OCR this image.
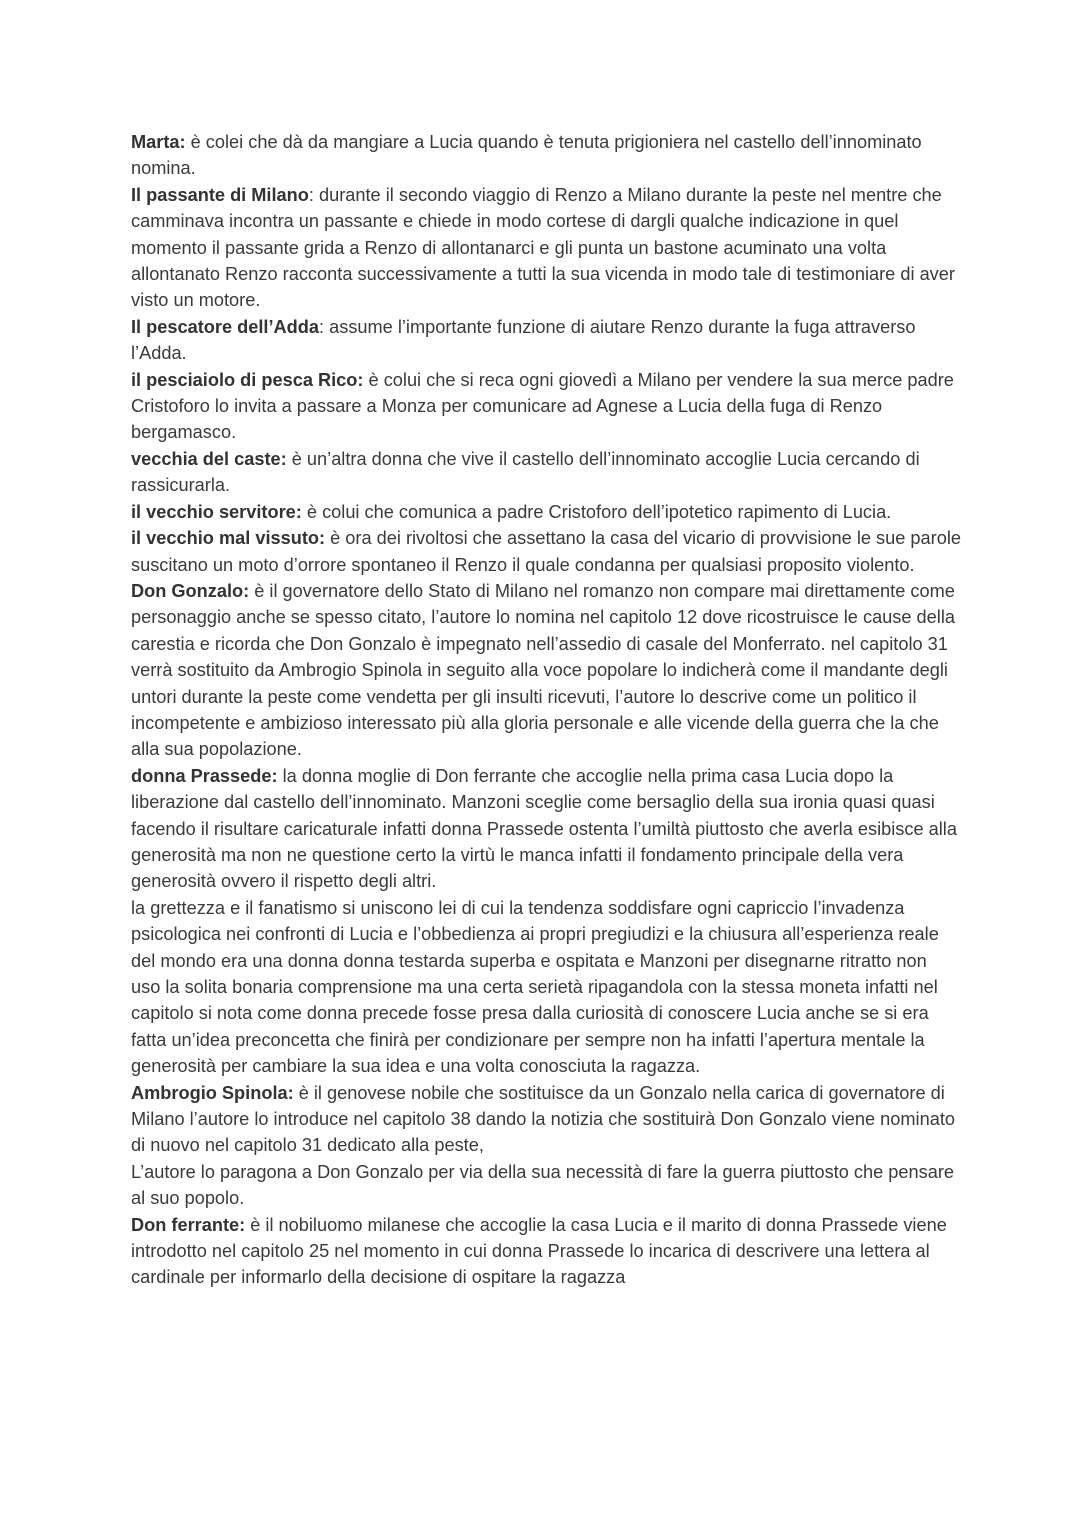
Marta: è colei che dà da mangiare a Lucia quando è tenuta prigioniera nel castello dell’innominato nomina.

Il passante di Milano: durante il secondo viaggio di Renzo a Milano durante la peste nel mentre che camminava incontra un passante e chiede in modo cortese di dargli qualche indicazione in quel momento il passante grida a Renzo di allontanarci e gli punta un bastone acuminato una volta allontanato Renzo racconta successivamente a tutti la sua vicenda in modo tale di testimoniare di aver visto un motore.

Il pescatore dell’Adda: assume l’importante funzione di aiutare Renzo durante la fuga attraverso l’Adda.

il pesciaiolo di pesca Rico: è colui che si reca ogni giovedì a Milano per vendere la sua merce padre Cristoforo lo invita a passare a Monza per comunicare ad Agnese a Lucia della fuga di Renzo bergamasco.

vecchia del caste: è un’altra donna che vive il castello dell’innominato accoglie Lucia cercando di rassicurarla.

il vecchio servitore: è colui che comunica a padre Cristoforo dell’ipotetico rapimento di Lucia.

il vecchio mal vissuto: è ora dei rivoltosi che assettano la casa del vicario di provvisione le sue parole suscitano un moto d’orrore spontaneo il Renzo il quale condanna per qualsiasi proposito violento.

Don Gonzalo: è il governatore dello Stato di Milano nel romanzo non compare mai direttamente come personaggio anche se spesso citato, l’autore lo nomina nel capitolo 12 dove ricostruisce le cause della carestia e ricorda che Don Gonzalo è impegnato nell’assedio di casale del Monferrato. nel capitolo 31 verrà sostituito da Ambrogio Spinola in seguito alla voce popolare lo indicherà come il mandante degli untori durante la peste come vendetta per gli insulti ricevuti, l’autore lo descrive come un politico il incompetente e ambizioso interessato più alla gloria personale e alle vicende della guerra che la che alla sua popolazione.

donna Prassede: la donna moglie di Don ferrante che accoglie nella prima casa Lucia dopo la liberazione dal castello dell’innominato. Manzoni sceglie come bersaglio della sua ironia quasi quasi facendo il risultare caricaturale infatti donna Prassede ostenta l’umiltà piuttosto che averla esibisce alla generosità ma non ne questione certo la virtù le manca infatti il fondamento principale della vera generosità ovvero il rispetto degli altri.

la grettezza e il fanatismo si uniscono lei di cui la tendenza soddisfare ogni capriccio l’invadenza psicologica nei confronti di Lucia e l’obbedienza ai propri pregiudizi e la chiusura all’esperienza reale del mondo era una donna donna testarda superba e ospitata e Manzoni per disegnarne ritratto non uso la solita bonaria comprensione ma una certa serietà ripagandola con la stessa moneta infatti nel capitolo si nota come donna precede fosse presa dalla curiosità di conoscere Lucia anche se si era fatta un’idea preconcetta che finirà per condizionare per sempre non ha infatti l’apertura mentale la generosità per cambiare la sua idea e una volta conosciuta la ragazza.

Ambrogio Spinola: è il genovese nobile che sostituisce da un Gonzalo nella carica di governatore di Milano l’autore lo introduce nel capitolo 38 dando la notizia che sostituirà Don Gonzalo viene nominato di nuovo nel capitolo 31 dedicato alla peste,

L’autore lo paragona a Don Gonzalo per via della sua necessità di fare la guerra piuttosto che pensare al suo popolo.

Don ferrante: è il nobiluomo milanese che accoglie la casa Lucia e il marito di donna Prassede viene introdotto nel capitolo 25 nel momento in cui donna Prassede lo incarica di descrivere una lettera al cardinale per informarlo della decisione di ospitare la ragazza
